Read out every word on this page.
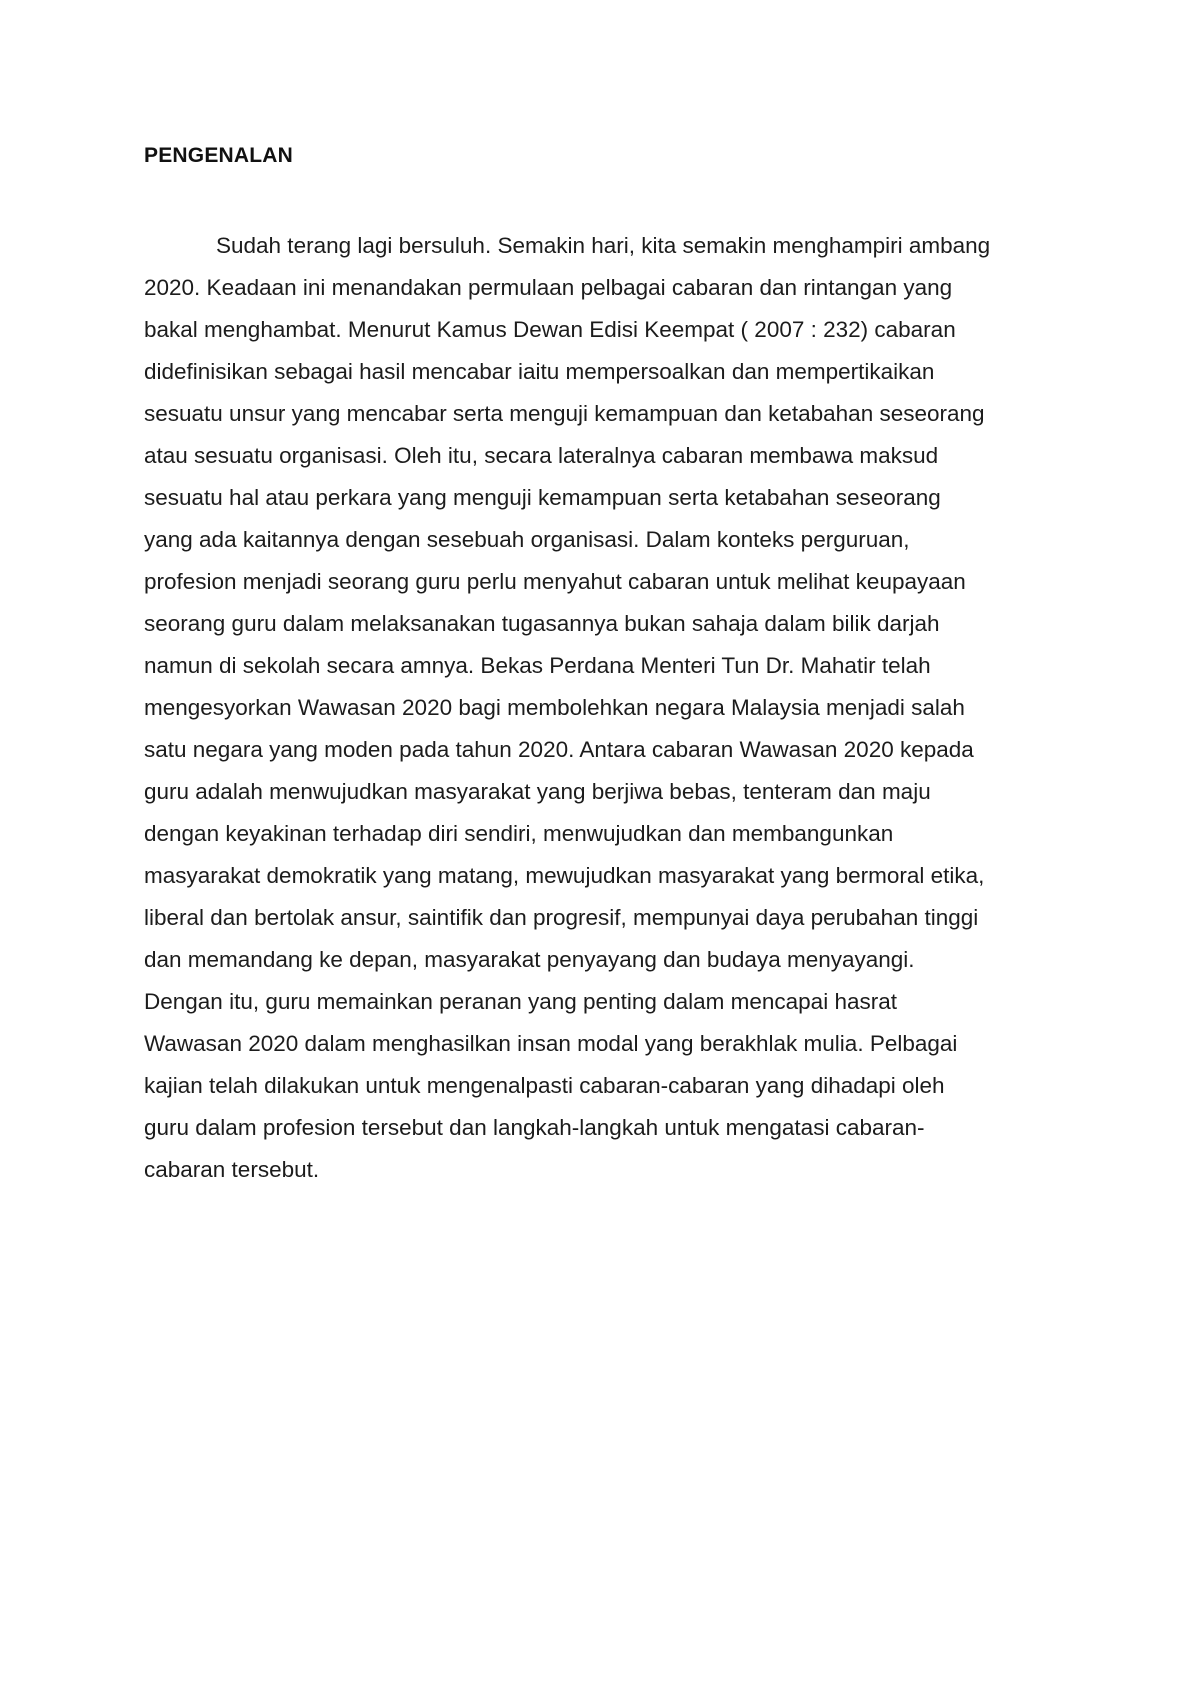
PENGENALAN
Sudah terang lagi bersuluh. Semakin hari, kita semakin menghampiri ambang
2020. Keadaan ini menandakan permulaan pelbagai cabaran dan rintangan yang
bakal menghambat. Menurut Kamus Dewan Edisi Keempat ( 2007 : 232) cabaran
didefinisikan sebagai hasil mencabar iaitu mempersoalkan dan mempertikaikan
sesuatu unsur yang mencabar serta menguji kemampuan dan ketabahan seseorang
atau sesuatu organisasi. Oleh itu, secara lateralnya cabaran membawa maksud
sesuatu hal atau perkara yang menguji kemampuan serta ketabahan seseorang
yang ada kaitannya dengan sesebuah organisasi. Dalam konteks perguruan,
profesion menjadi seorang guru perlu menyahut cabaran untuk melihat keupayaan
seorang guru dalam melaksanakan tugasannya bukan sahaja dalam bilik darjah
namun di sekolah secara amnya. Bekas Perdana Menteri Tun Dr. Mahatir telah
mengesyorkan Wawasan 2020 bagi membolehkan negara Malaysia menjadi salah
satu negara yang moden pada tahun 2020. Antara cabaran Wawasan 2020 kepada
guru adalah menwujudkan masyarakat yang berjiwa bebas, tenteram dan maju
dengan keyakinan terhadap diri sendiri, menwujudkan dan membangunkan
masyarakat demokratik yang matang, mewujudkan masyarakat yang bermoral etika,
liberal dan bertolak ansur, saintifik dan progresif, mempunyai daya perubahan tinggi
dan memandang ke depan, masyarakat penyayang dan budaya menyayangi.
Dengan itu, guru memainkan peranan yang penting dalam mencapai hasrat
Wawasan 2020 dalam menghasilkan insan modal yang berakhlak mulia. Pelbagai
kajian telah dilakukan untuk mengenalpasti cabaran-cabaran yang dihadapi oleh
guru dalam profesion tersebut dan langkah-langkah untuk mengatasi cabaran-
cabaran tersebut.
